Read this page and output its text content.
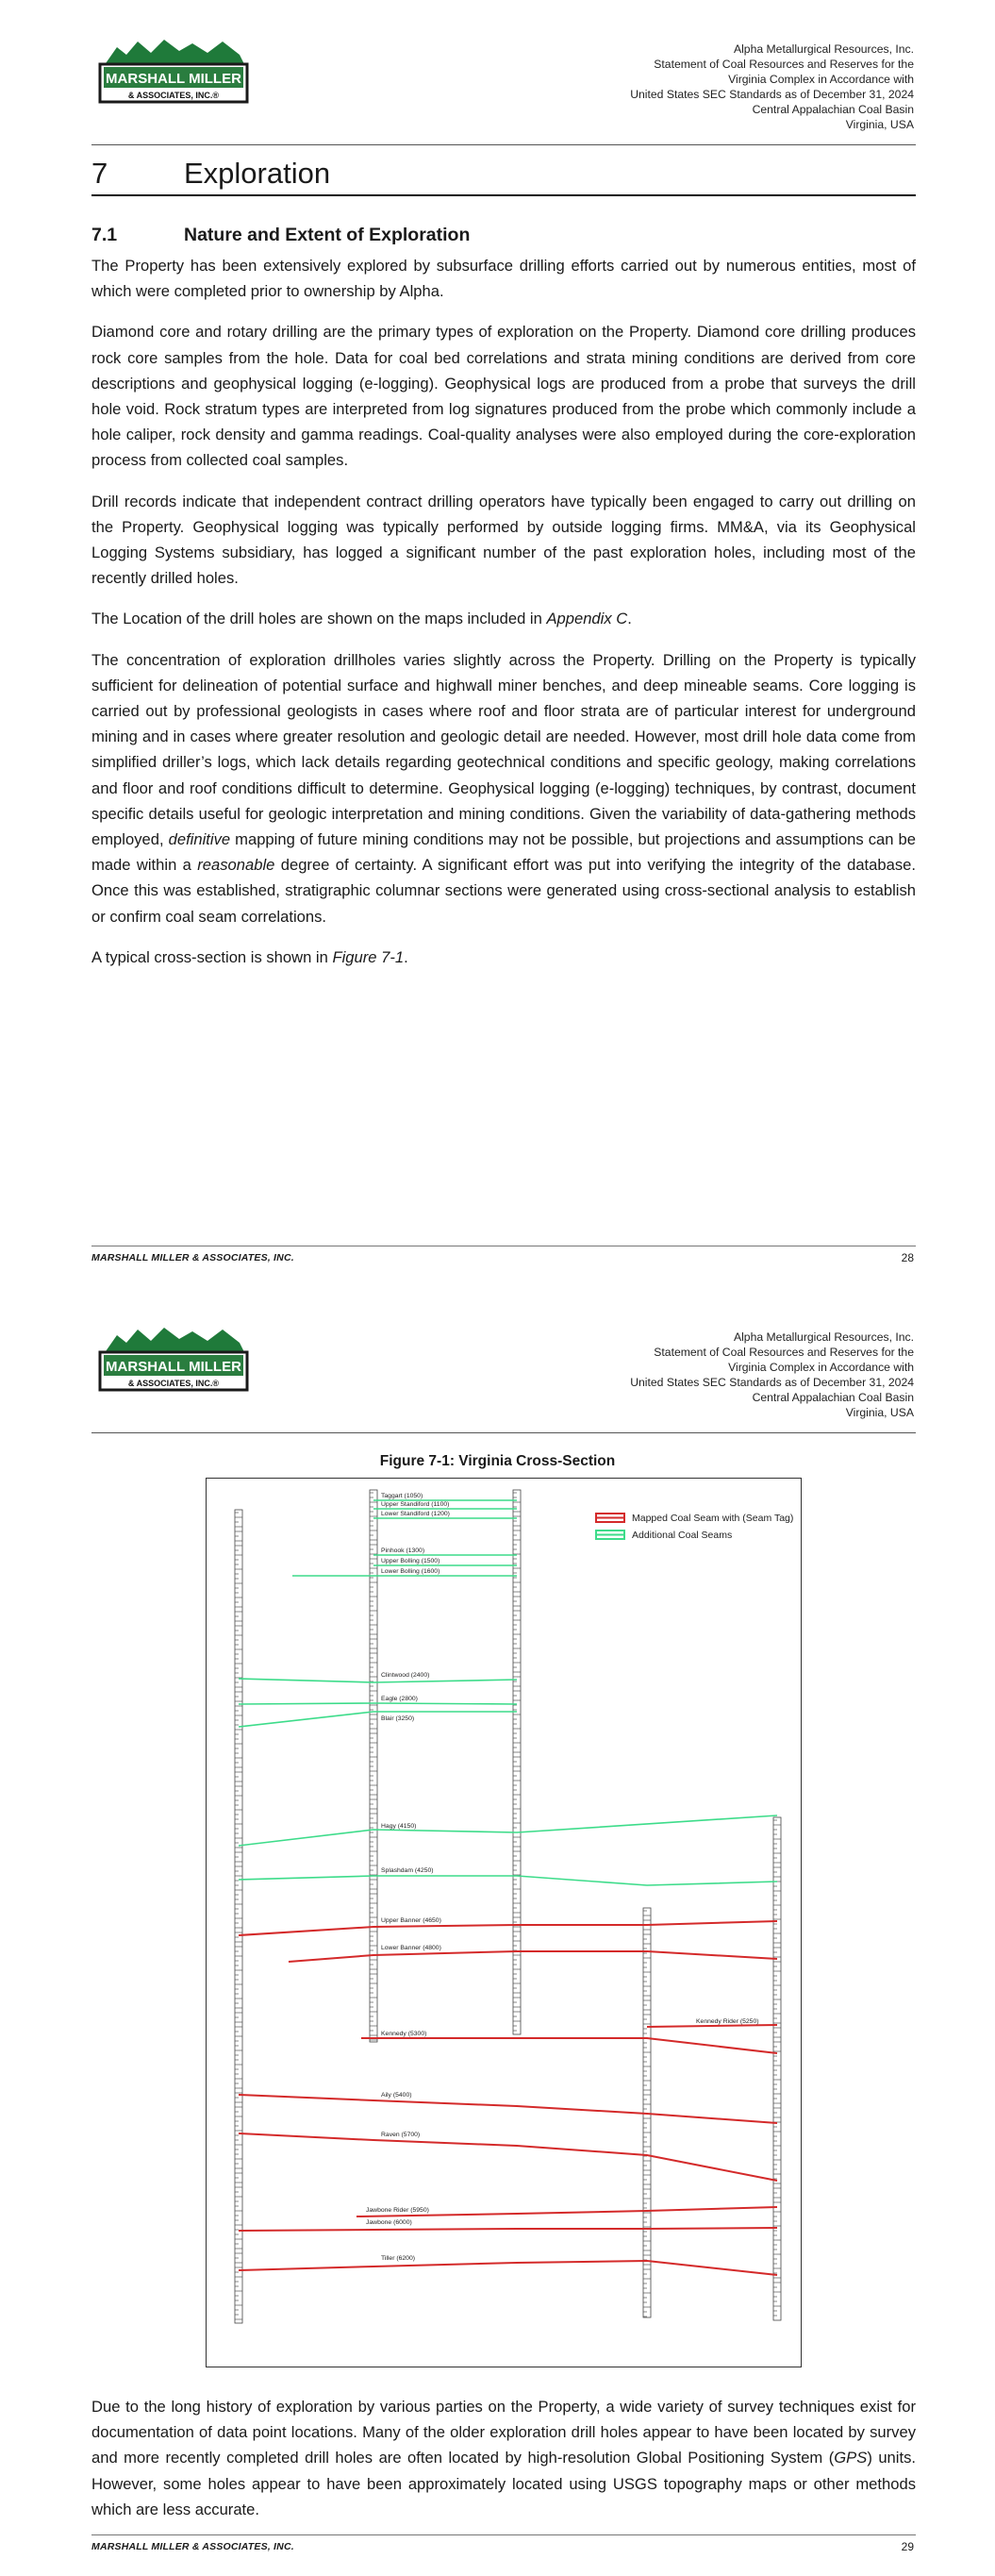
MARSHALL MILLER
& ASSOCIATES, INC.®
Alpha Metallurgical Resources, Inc.
Statement of Coal Resources and Reserves for the
Virginia Complex in Accordance with
United States SEC Standards as of December 31, 2024
Central Appalachian Coal Basin
Virginia, USA
7	Exploration
7.1	Nature and Extent of Exploration

The Property has been extensively explored by subsurface drilling efforts carried out by numerous entities, most of which were completed prior to ownership by Alpha.

Diamond core and rotary drilling are the primary types of exploration on the Property. Diamond core drilling produces rock core samples from the hole. Data for coal bed correlations and strata mining conditions are derived from core descriptions and geophysical logging (e-logging). Geophysical logs are produced from a probe that surveys the drill hole void. Rock stratum types are interpreted from log signatures produced from the probe which commonly include a hole caliper, rock density and gamma readings. Coal-quality analyses were also employed during the core-exploration process from collected coal samples.

Drill records indicate that independent contract drilling operators have typically been engaged to carry out drilling on the Property. Geophysical logging was typically performed by outside logging firms. MM&A, via its Geophysical Logging Systems subsidiary, has logged a significant number of the past exploration holes, including most of the recently drilled holes.

The Location of the drill holes are shown on the maps included in Appendix C.

The concentration of exploration drillholes varies slightly across the Property. Drilling on the Property is typically sufficient for delineation of potential surface and highwall miner benches, and deep mineable seams. Core logging is carried out by professional geologists in cases where roof and floor strata are of particular interest for underground mining and in cases where greater resolution and geologic detail are needed. However, most drill hole data come from simplified driller’s logs, which lack details regarding geotechnical conditions and specific geology, making correlations and floor and roof conditions difficult to determine. Geophysical logging (e-logging) techniques, by contrast, document specific details useful for geologic interpretation and mining conditions. Given the variability of data-gathering methods employed, definitive mapping of future mining conditions may not be possible, but projections and assumptions can be made within a reasonable degree of certainty. A significant effort was put into verifying the integrity of the database. Once this was established, stratigraphic columnar sections were generated using cross-sectional analysis to establish or confirm coal seam correlations.

A typical cross-section is shown in Figure 7-1.

MARSHALL MILLER & ASSOCIATES, INC.	28
MARSHALL MILLER
& ASSOCIATES, INC.®
Alpha Metallurgical Resources, Inc.
Statement of Coal Resources and Reserves for the
Virginia Complex in Accordance with
United States SEC Standards as of December 31, 2024
Central Appalachian Coal Basin
Virginia, USA
Figure 7-1: Virginia Cross-Section
Taggart (1050)
Upper Standiford (1100)
Lower Standiford (1200)
Pinhook (1300)
Upper Bolling (1500)
Lower Bolling (1600)
Clintwood (2400)
Eagle (2800)
Blair (3250)
Hagy (4150)
Splashdam (4250)
Upper Banner (4650)
Lower Banner (4800)
Kennedy Rider (5250)
Kennedy (5300)
Aily (5400)
Raven (5700)
Jawbone Rider (5950)
Jawbone (6000)
Tiller (6200)
Mapped Coal Seam with (Seam Tag)
Additional Coal Seams

Due to the long history of exploration by various parties on the Property, a wide variety of survey techniques exist for documentation of data point locations. Many of the older exploration drill holes appear to have been located by survey and more recently completed drill holes are often located by high-resolution Global Positioning System (GPS) units. However, some holes appear to have been approximately located using USGS topography maps or other methods which are less accurate.

MARSHALL MILLER & ASSOCIATES, INC.	29
